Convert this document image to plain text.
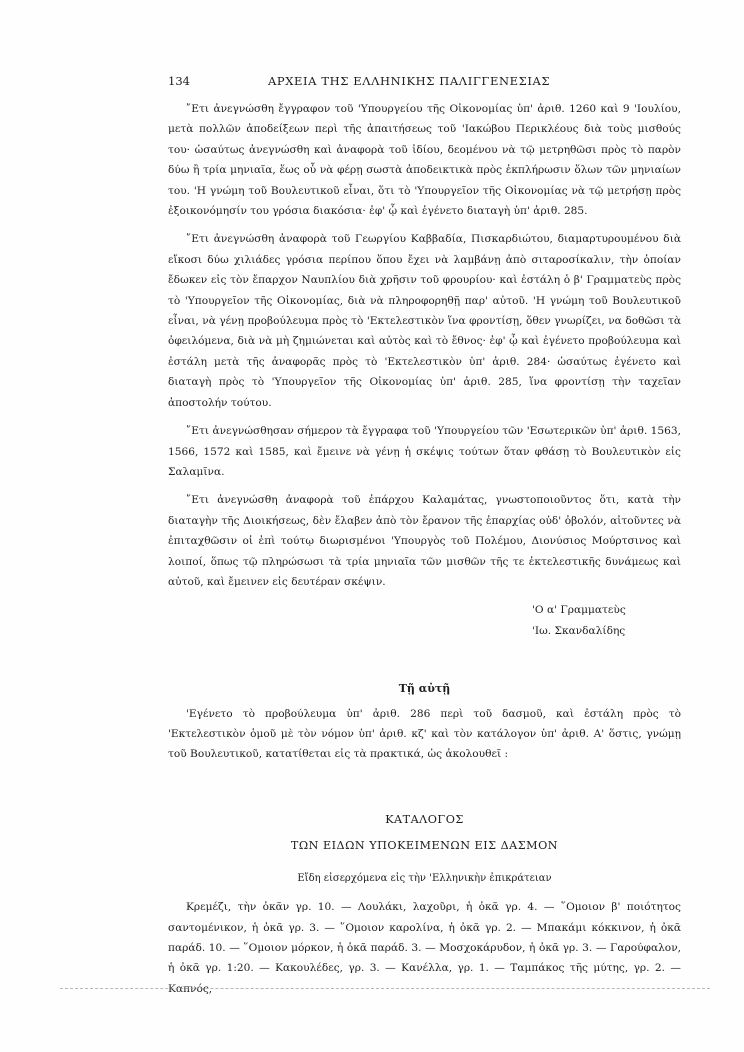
134	ΑΡΧΕΙΑ ΤΗΣ ΕΛΛΗΝΙΚΗΣ ΠΑΛΙΓΓΕΝΕΣΙΑΣ

῎Ετι ἀνεγνώσθη ἔγγραφον τοῦ 'Υπουργείου τῆς Οἰκονομίας ὑπ' ἀριθ. 1260 καὶ 9 'Ιουλίου, μετὰ πολλῶν ἀποδείξεων περὶ τῆς ἀπαιτήσεως τοῦ 'Ιακώβου Περικλέους διὰ τοὺς μισθούς του· ὡσαύτως ἀνεγνώσθη καὶ ἀναφορὰ τοῦ ἰδίου, δεομένου νὰ τῷ μετρηθῶσι πρὸς τὸ παρὸν δύω ἢ τρία μηνιαῖα, ἕως οὗ νὰ φέρῃ σωστὰ ἀποδεικτικὰ πρὸς ἐκπλήρωσιν ὅλων τῶν μηνιαίων του. 'Η γνώμη τοῦ Βουλευτικοῦ εἶναι, ὅτι τὸ 'Υπουργεῖον τῆς Οἰκονομίας νὰ τῷ μετρήσῃ πρὸς ἐξοικονόμησίν του γρόσια διακόσια· ἐφ' ᾧ καὶ ἐγένετο διαταγὴ ὑπ' ἀριθ. 285.

῎Ετι ἀνεγνώσθη ἀναφορὰ τοῦ Γεωργίου Καββαδία, Πισκαρδιώτου, διαμαρτυρουμένου διὰ εἴκοσι δύω χιλιάδες γρόσια περίπου ὅπου ἔχει νὰ λαμβάνῃ ἀπὸ σιταροσίκαλιν, τὴν ὁποίαν ἔδωκεν εἰς τὸν ἔπαρχον Ναυπλίου διὰ χρῆσιν τοῦ φρουρίου· καὶ ἐστάλη ὁ β' Γραμματεὺς πρὸς τὸ 'Υπουργεῖον τῆς Οἰκονομίας, διὰ νὰ πληροφορηθῇ παρ' αὐτοῦ. 'Η γνώμη τοῦ Βουλευτικοῦ εἶναι, νὰ γένῃ προβούλευμα πρὸς τὸ 'Εκτελεστικὸν ἵνα φροντίσῃ, ὅθεν γνωρίζει, να δοθῶσι τὰ ὀφειλόμενα, διὰ νὰ μὴ ζημιώνεται καὶ αὐτὸς καὶ τὸ ἔθνος· ἐφ' ᾧ καὶ ἐγένετο προβούλευμα καὶ ἐστάλη μετὰ τῆς ἀναφορᾶς πρὸς τὸ 'Εκτελεστικὸν ὑπ' ἀριθ. 284· ὡσαύτως ἐγένετο καὶ διαταγὴ πρὸς τὸ 'Υπουργεῖον τῆς Οἰκονομίας ὑπ' ἀριθ. 285, ἵνα φροντίσῃ τὴν ταχεῖαν ἀποστολήν τούτου.

῎Ετι ἀνεγνώσθησαν σήμερον τὰ ἔγγραφα τοῦ 'Υπουργείου τῶν 'Εσωτερικῶν ὑπ' ἀριθ. 1563, 1566, 1572 καὶ 1585, καὶ ἔμεινε νὰ γένῃ ἡ σκέψις τούτων ὅταν φθάσῃ τὸ Βουλευτικὸν εἰς Σαλαμῖνα.

῎Ετι ἀνεγνώσθη ἀναφορὰ τοῦ ἐπάρχου Καλαμάτας, γνωστοποιοῦντος ὅτι, κατὰ τὴν διαταγὴν τῆς Διοικήσεως, δὲν ἔλαβεν ἀπὸ τὸν ἔρανον τῆς ἐπαρχίας οὐδ' ὀβολόν, αἰτοῦντες νὰ ἐπιταχθῶσιν οἱ ἐπὶ τούτῳ διωρισμένοι 'Υπουργὸς τοῦ Πολέμου, Διονύσιος Μούρτσινος καὶ λοιποί, ὅπως τῷ πληρώσωσι τὰ τρία μηνιαῖα τῶν μισθῶν τῆς τε ἐκτελεστικῆς δυνάμεως καὶ αὐτοῦ, καὶ ἔμεινεν εἰς δευτέραν σκέψιν.

'Ο α' Γραμματεὺς
'Ιω. Σκανδαλίδης
Τῇ αὐτῇ

'Εγένετο τὸ προβούλευμα ὑπ' ἀριθ. 286 περὶ τοῦ δασμοῦ, καὶ ἐστάλη πρὸς τὸ 'Εκτελεστικὸν ὁμοῦ μὲ τὸν νόμον ὑπ' ἀριθ. κζ' καὶ τὸν κατάλογον ὑπ' ἀριθ. Α' ὅστις, γνώμῃ τοῦ Βουλευτικοῦ, κατατίθεται εἰς τὰ πρακτικά, ὡς ἀκολουθεῖ :

ΚΑΤΑΛΟΓΟΣ
ΤΩΝ ΕΙΔΩΝ ΥΠΟΚΕΙΜΕΝΩΝ ΕΙΣ ΔΑΣΜΟΝ
Εἴδη εἰσερχόμενα εἰς τὴν 'Ελληνικὴν ἐπικράτειαν

Κρεμέζι, τὴν ὀκᾶν γρ. 10. — Λουλάκι, λαχοῦρι, ἡ ὀκᾶ γρ. 4. — ῞Ομοιον β' ποιότητος σαντομένικον, ἡ ὀκᾶ γρ. 3. — ῞Ομοιον καρολίνα, ἡ ὀκᾶ γρ. 2. — Μπακάμι κόκκινον, ἡ ὀκᾶ παράδ. 10. — ῞Ομοιον μόρκον, ἡ ὀκᾶ παράδ. 3. — Μοσχοκάρυδον, ἡ ὀκᾶ γρ. 3. — Γαρούφαλον, ἡ ὀκᾶ γρ. 1:20. — Κακουλέδες, γρ. 3. — Κανέλλα, γρ. 1. — Ταμπάκος τῆς μύτης, γρ. 2. — Καπνός,
